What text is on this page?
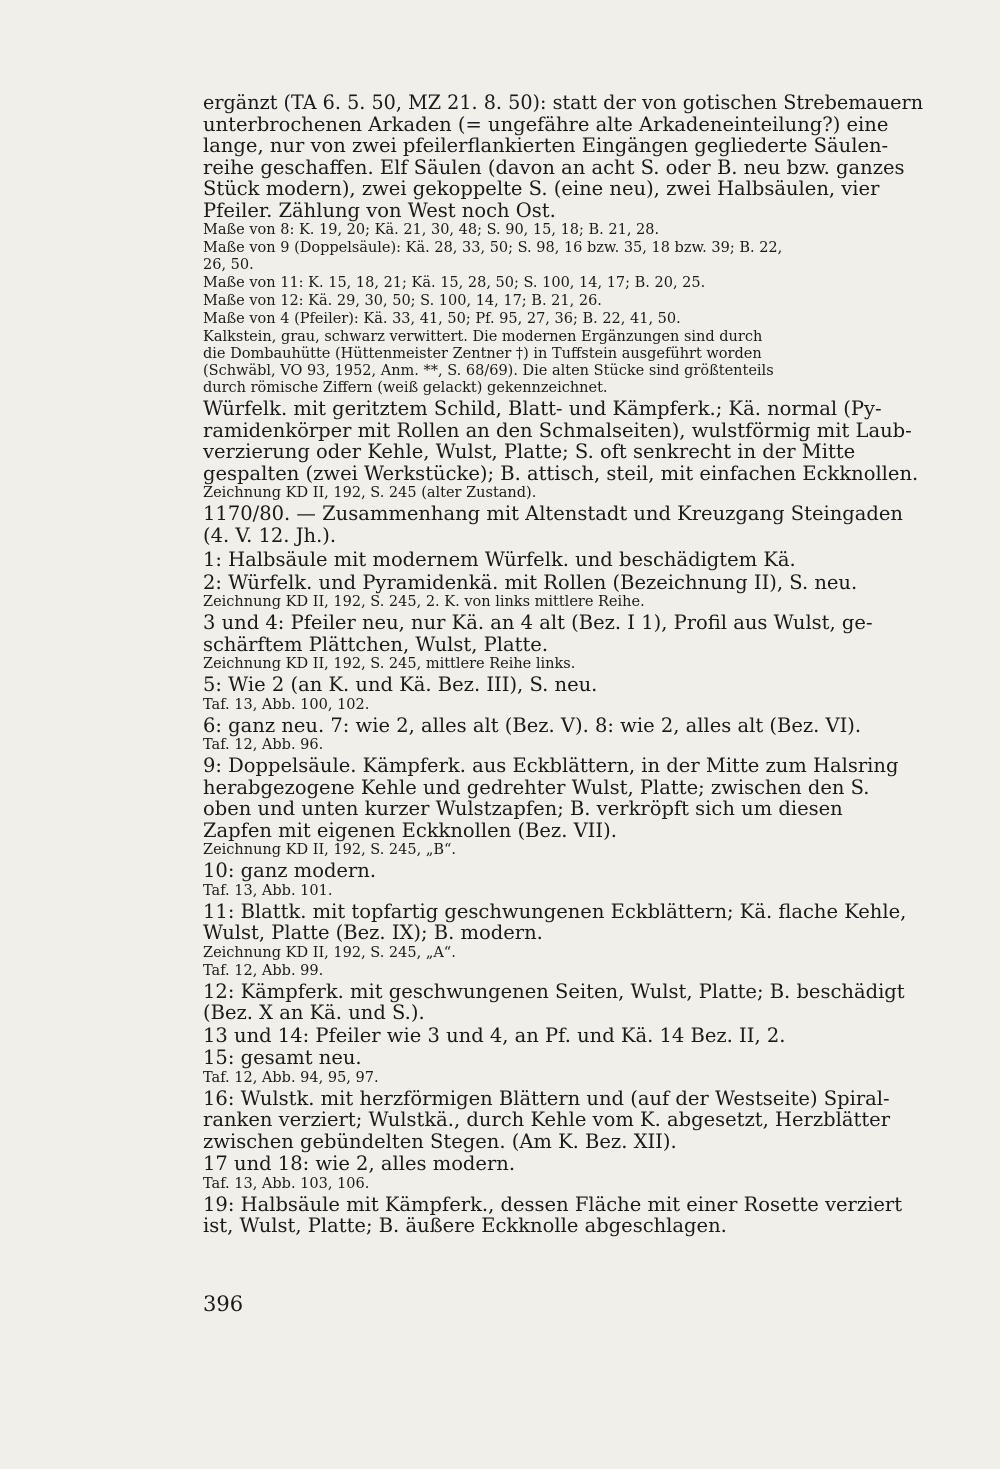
ergänzt (TA 6. 5. 50, MZ 21. 8. 50): statt der von gotischen Strebemauern
unterbrochenen Arkaden (= ungefähre alte Arkadeneinteilung?) eine
lange, nur von zwei pfeilerflankierten Eingängen gegliederte Säulen-
reihe geschaffen. Elf Säulen (davon an acht S. oder B. neu bzw. ganzes
Stück modern), zwei gekoppelte S. (eine neu), zwei Halbsäulen, vier
Pfeiler. Zählung von West noch Ost.

Maße von 8: K. 19, 20; Kä. 21, 30, 48; S. 90, 15, 18; B. 21, 28.

Maße von 9 (Doppelsäule): Kä. 28, 33, 50; S. 98, 16 bzw. 35, 18 bzw. 39; B. 22,
26, 50.

Maße von 11: K. 15, 18, 21; Kä. 15, 28, 50; S. 100, 14, 17; B. 20, 25.

Maße von 12: Kä. 29, 30, 50; S. 100, 14, 17; B. 21, 26.

Maße von 4 (Pfeiler): Kä. 33, 41, 50; Pf. 95, 27, 36; B. 22, 41, 50.

Kalkstein, grau, schwarz verwittert. Die modernen Ergänzungen sind durch
die Dombauhütte (Hüttenmeister Zentner †) in Tuffstein ausgeführt worden
(Schwäbl, VO 93, 1952, Anm. **, S. 68/69). Die alten Stücke sind größtenteils
durch römische Ziffern (weiß gelackt) gekennzeichnet.

Würfelk. mit geritztem Schild, Blatt- und Kämpferk.; Kä. normal (Py-
ramidenkörper mit Rollen an den Schmalseiten), wulstförmig mit Laub-
verzierung oder Kehle, Wulst, Platte; S. oft senkrecht in der Mitte
gespalten (zwei Werkstücke); B. attisch, steil, mit einfachen Eckknollen.

Zeichnung KD II, 192, S. 245 (alter Zustand).

1170/80. — Zusammenhang mit Altenstadt und Kreuzgang Steingaden
(4. V. 12. Jh.).

1: Halbsäule mit modernem Würfelk. und beschädigtem Kä.

2: Würfelk. und Pyramidenkä. mit Rollen (Bezeichnung II), S. neu.

Zeichnung KD II, 192, S. 245, 2. K. von links mittlere Reihe.

3 und 4: Pfeiler neu, nur Kä. an 4 alt (Bez. I 1), Profil aus Wulst, ge-
schärftem Plättchen, Wulst, Platte.

Zeichnung KD II, 192, S. 245, mittlere Reihe links.

5: Wie 2 (an K. und Kä. Bez. III), S. neu.

Taf. 13, Abb. 100, 102.

6: ganz neu. 7: wie 2, alles alt (Bez. V). 8: wie 2, alles alt (Bez. VI).

Taf. 12, Abb. 96.

9: Doppelsäule. Kämpferk. aus Eckblättern, in der Mitte zum Halsring
herabgezogene Kehle und gedrehter Wulst, Platte; zwischen den S.
oben und unten kurzer Wulstzapfen; B. verkröpft sich um diesen
Zapfen mit eigenen Eckknollen (Bez. VII).

Zeichnung KD II, 192, S. 245, „B“.

10: ganz modern.

Taf. 13, Abb. 101.

11: Blattk. mit topfartig geschwungenen Eckblättern; Kä. flache Kehle,
Wulst, Platte (Bez. IX); B. modern.

Zeichnung KD II, 192, S. 245, „A“.

Taf. 12, Abb. 99.

12: Kämpferk. mit geschwungenen Seiten, Wulst, Platte; B. beschädigt
(Bez. X an Kä. und S.).

13 und 14: Pfeiler wie 3 und 4, an Pf. und Kä. 14 Bez. II, 2.

15: gesamt neu.

Taf. 12, Abb. 94, 95, 97.

16: Wulstk. mit herzförmigen Blättern und (auf der Westseite) Spiral-
ranken verziert; Wulstkä., durch Kehle vom K. abgesetzt, Herzblätter
zwischen gebündelten Stegen. (Am K. Bez. XII).

17 und 18: wie 2, alles modern.

Taf. 13, Abb. 103, 106.

19: Halbsäule mit Kämpferk., dessen Fläche mit einer Rosette verziert
ist, Wulst, Platte; B. äußere Eckknolle abgeschlagen.

396
